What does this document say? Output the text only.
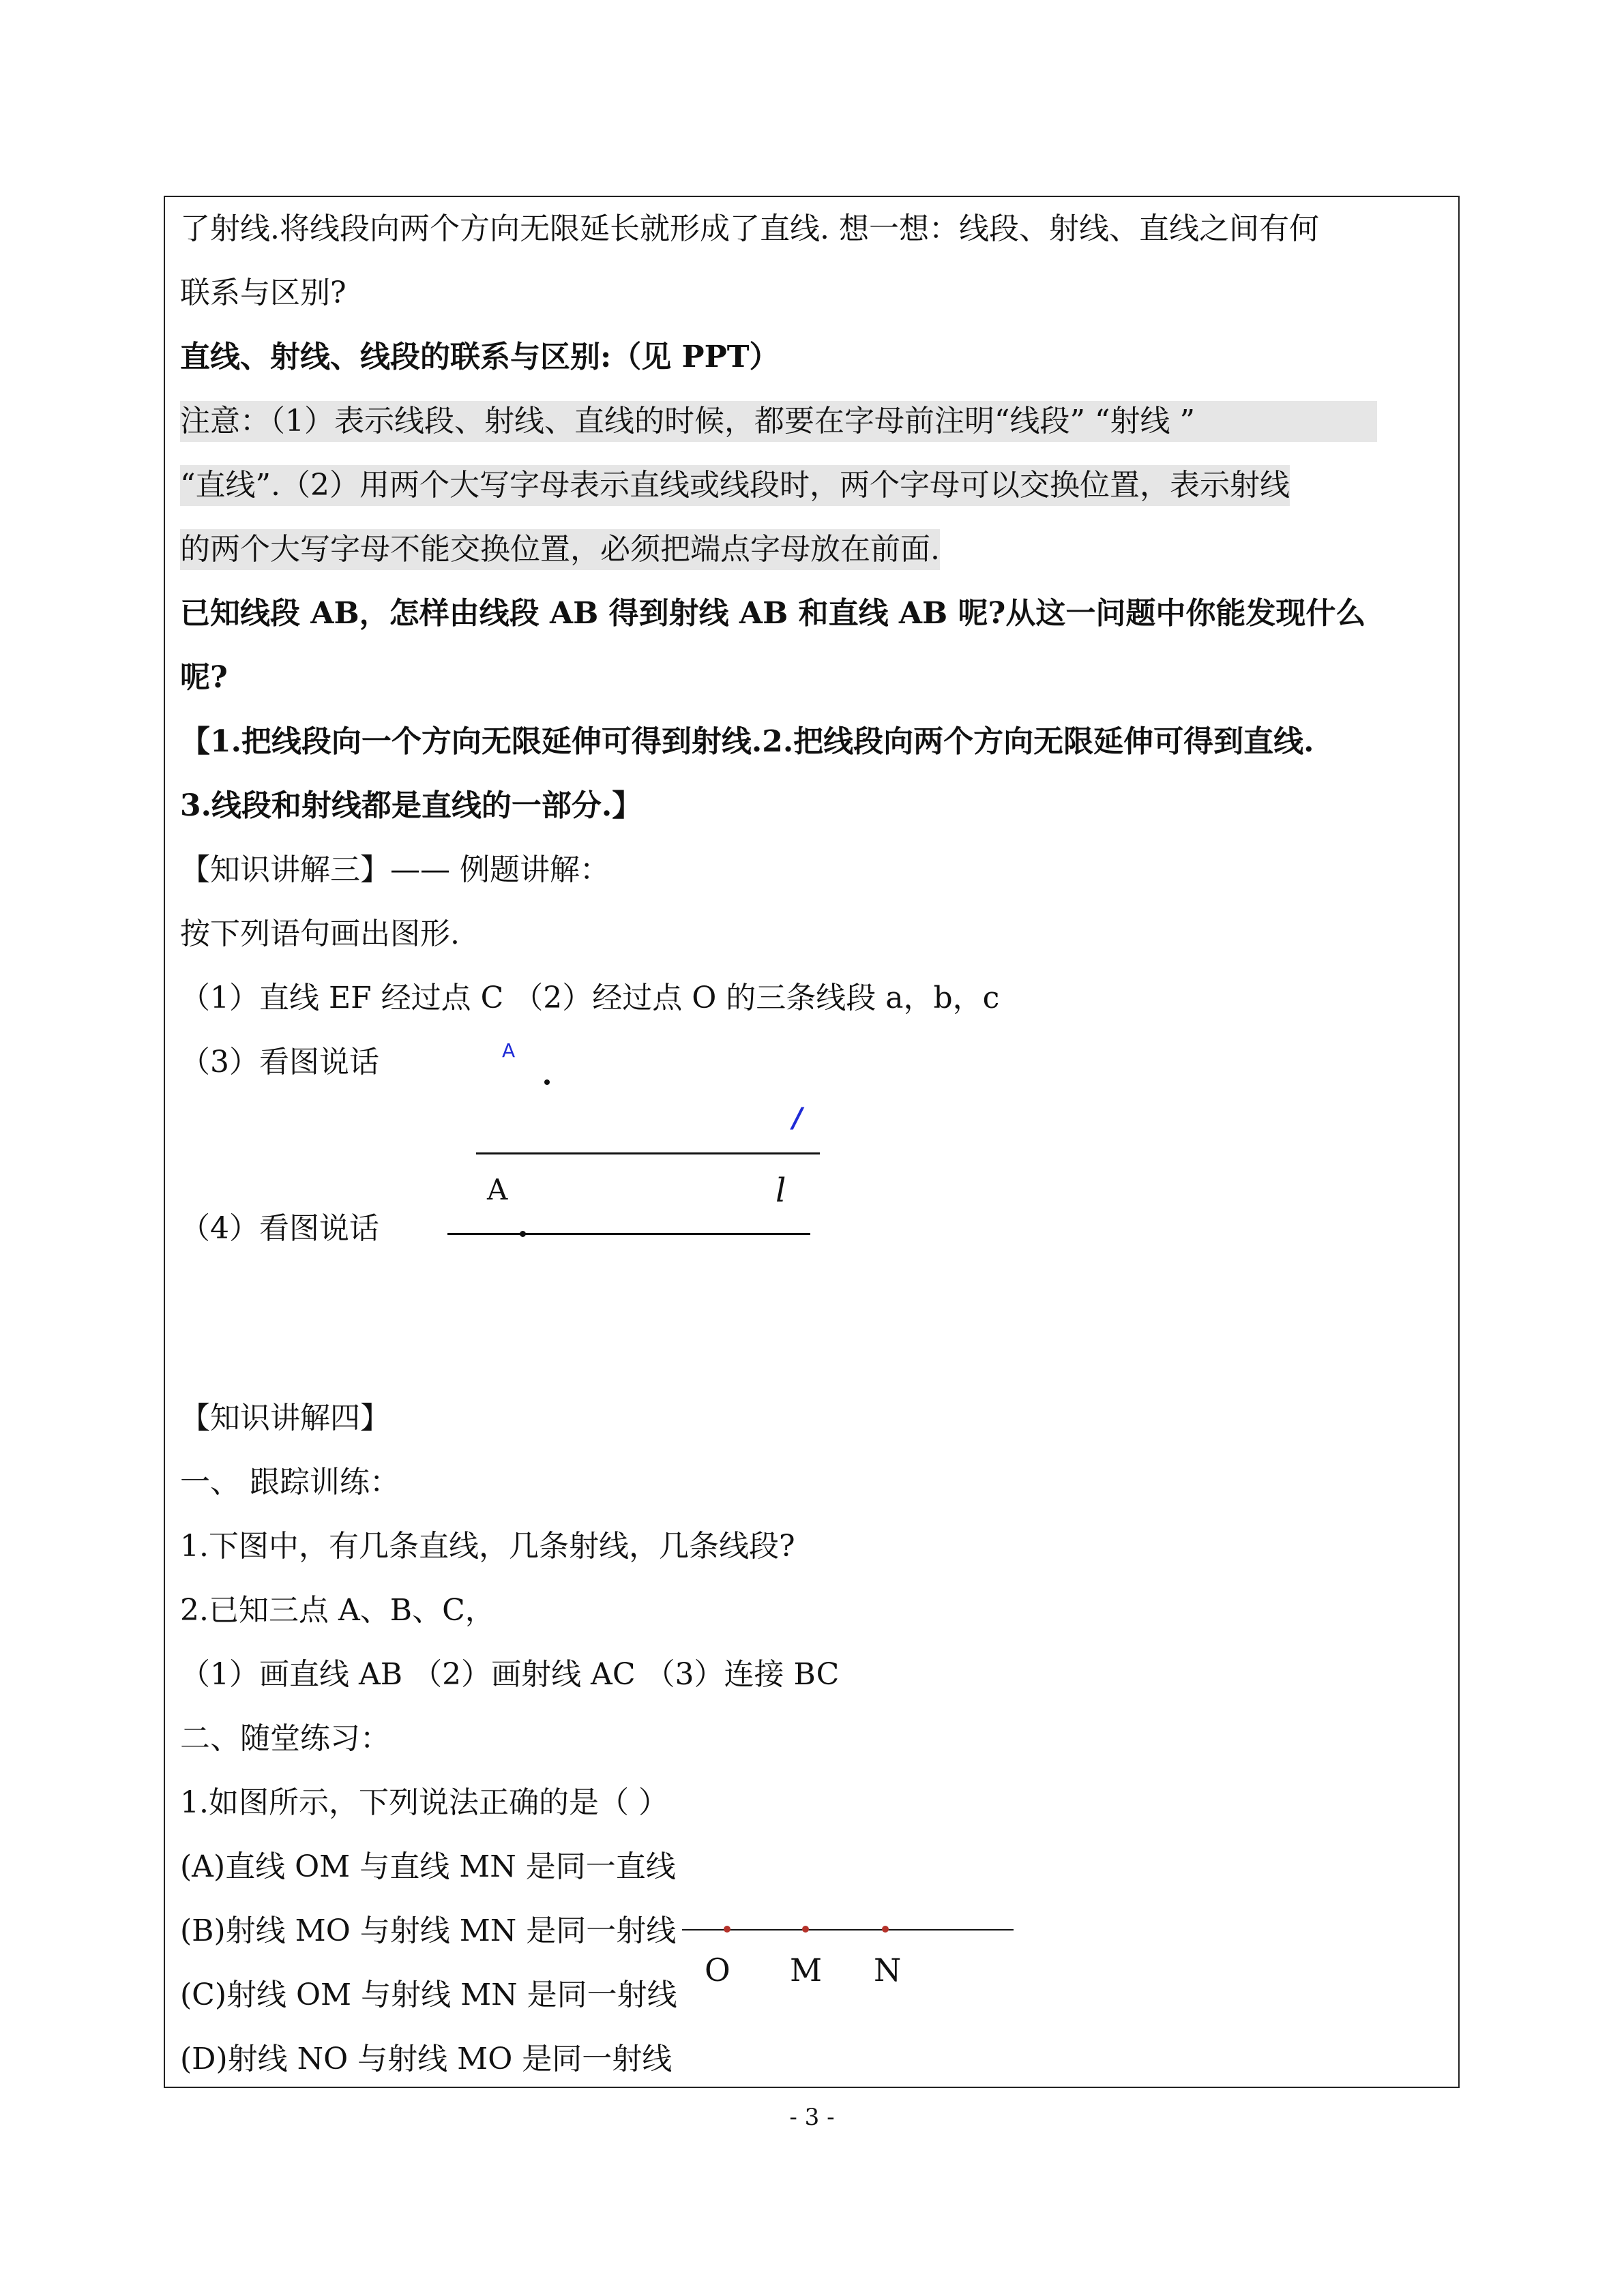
了射线.将线段向两个方向无限延长就形成了直线. 想一想：线段、射线、直线之间有何
联系与区别?
直线、射线、线段的联系与区别:（见 PPT）
注意：（1）表示线段、射线、直线的时候，都要在字母前注明“线段” “射线 ”
“直线”.（2）用两个大写字母表示直线或线段时，两个字母可以交换位置，表示射线
的两个大写字母不能交换位置，必须把端点字母放在前面.
已知线段 AB，怎样由线段 AB 得到射线 AB 和直线 AB 呢?从这一问题中你能发现什么
呢?
【1.把线段向一个方向无限延伸可得到射线.2.把线段向两个方向无限延伸可得到直线.
3.线段和射线都是直线的一部分.】
【知识讲解三】—— 例题讲解：
按下列语句画出图形.
（1）直线 EF 经过点 C （2）经过点 O 的三条线段 a，b，c
（3）看图说话	A
/
A	l
（4）看图说话
【知识讲解四】
一、 跟踪训练：
1.下图中，有几条直线，几条射线，几条线段?
2.已知三点 A、B、C，
（1）画直线 AB （2）画射线 AC （3）连接 BC
二、随堂练习：
1.如图所示，下列说法正确的是（ ）
(A)直线 OM 与直线 MN 是同一直线
(B)射线 MO 与射线 MN 是同一射线
(C)射线 OM 与射线 MN 是同一射线
(D)射线 NO 与射线 MO 是同一射线
O M N
- 3 -
